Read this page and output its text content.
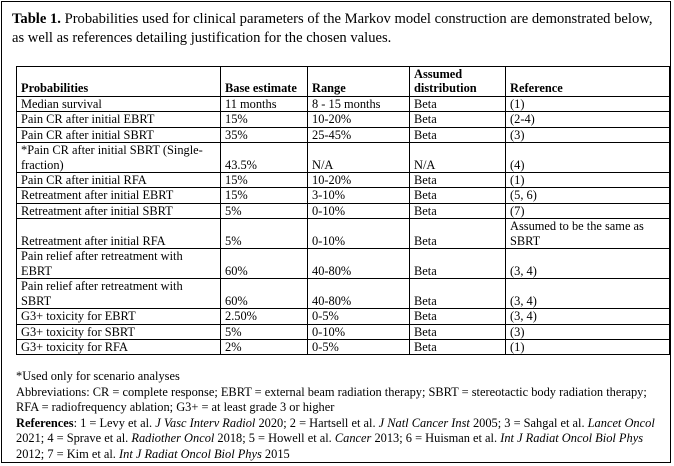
Table 1. Probabilities used for clinical parameters of the Markov model construction are demonstrated below, as well as references detailing justification for the chosen values.
Probabilities	Base estimate	Range	Assumed distribution	Reference
Median survival	11 months	8 - 15 months	Beta	(1)
Pain CR after initial EBRT	15%	10-20%	Beta	(2-4)
Pain CR after initial SBRT	35%	25-45%	Beta	(3)
*Pain CR after initial SBRT (Single-fraction)	43.5%	N/A	N/A	(4)
Pain CR after initial RFA	15%	10-20%	Beta	(1)
Retreatment after initial EBRT	15%	3-10%	Beta	(5, 6)
Retreatment after initial SBRT	5%	0-10%	Beta	(7)
Retreatment after initial RFA	5%	0-10%	Beta	Assumed to be the same as SBRT
Pain relief after retreatment with EBRT	60%	40-80%	Beta	(3, 4)
Pain relief after retreatment with SBRT	60%	40-80%	Beta	(3, 4)
G3+ toxicity for EBRT	2.50%	0-5%	Beta	(3, 4)
G3+ toxicity for SBRT	5%	0-10%	Beta	(3)
G3+ toxicity for RFA	2%	0-5%	Beta	(1)
*Used only for scenario analyses
Abbreviations: CR = complete response; EBRT = external beam radiation therapy; SBRT = stereotactic body radiation therapy; RFA = radiofrequency ablation; G3+ = at least grade 3 or higher
References: 1 = Levy et al. J Vasc Interv Radiol 2020; 2 = Hartsell et al. J Natl Cancer Inst 2005; 3 = Sahgal et al. Lancet Oncol 2021; 4 = Sprave et al. Radiother Oncol 2018; 5 = Howell et al. Cancer 2013; 6 = Huisman et al. Int J Radiat Oncol Biol Phys 2012; 7 = Kim et al. Int J Radiat Oncol Biol Phys 2015
